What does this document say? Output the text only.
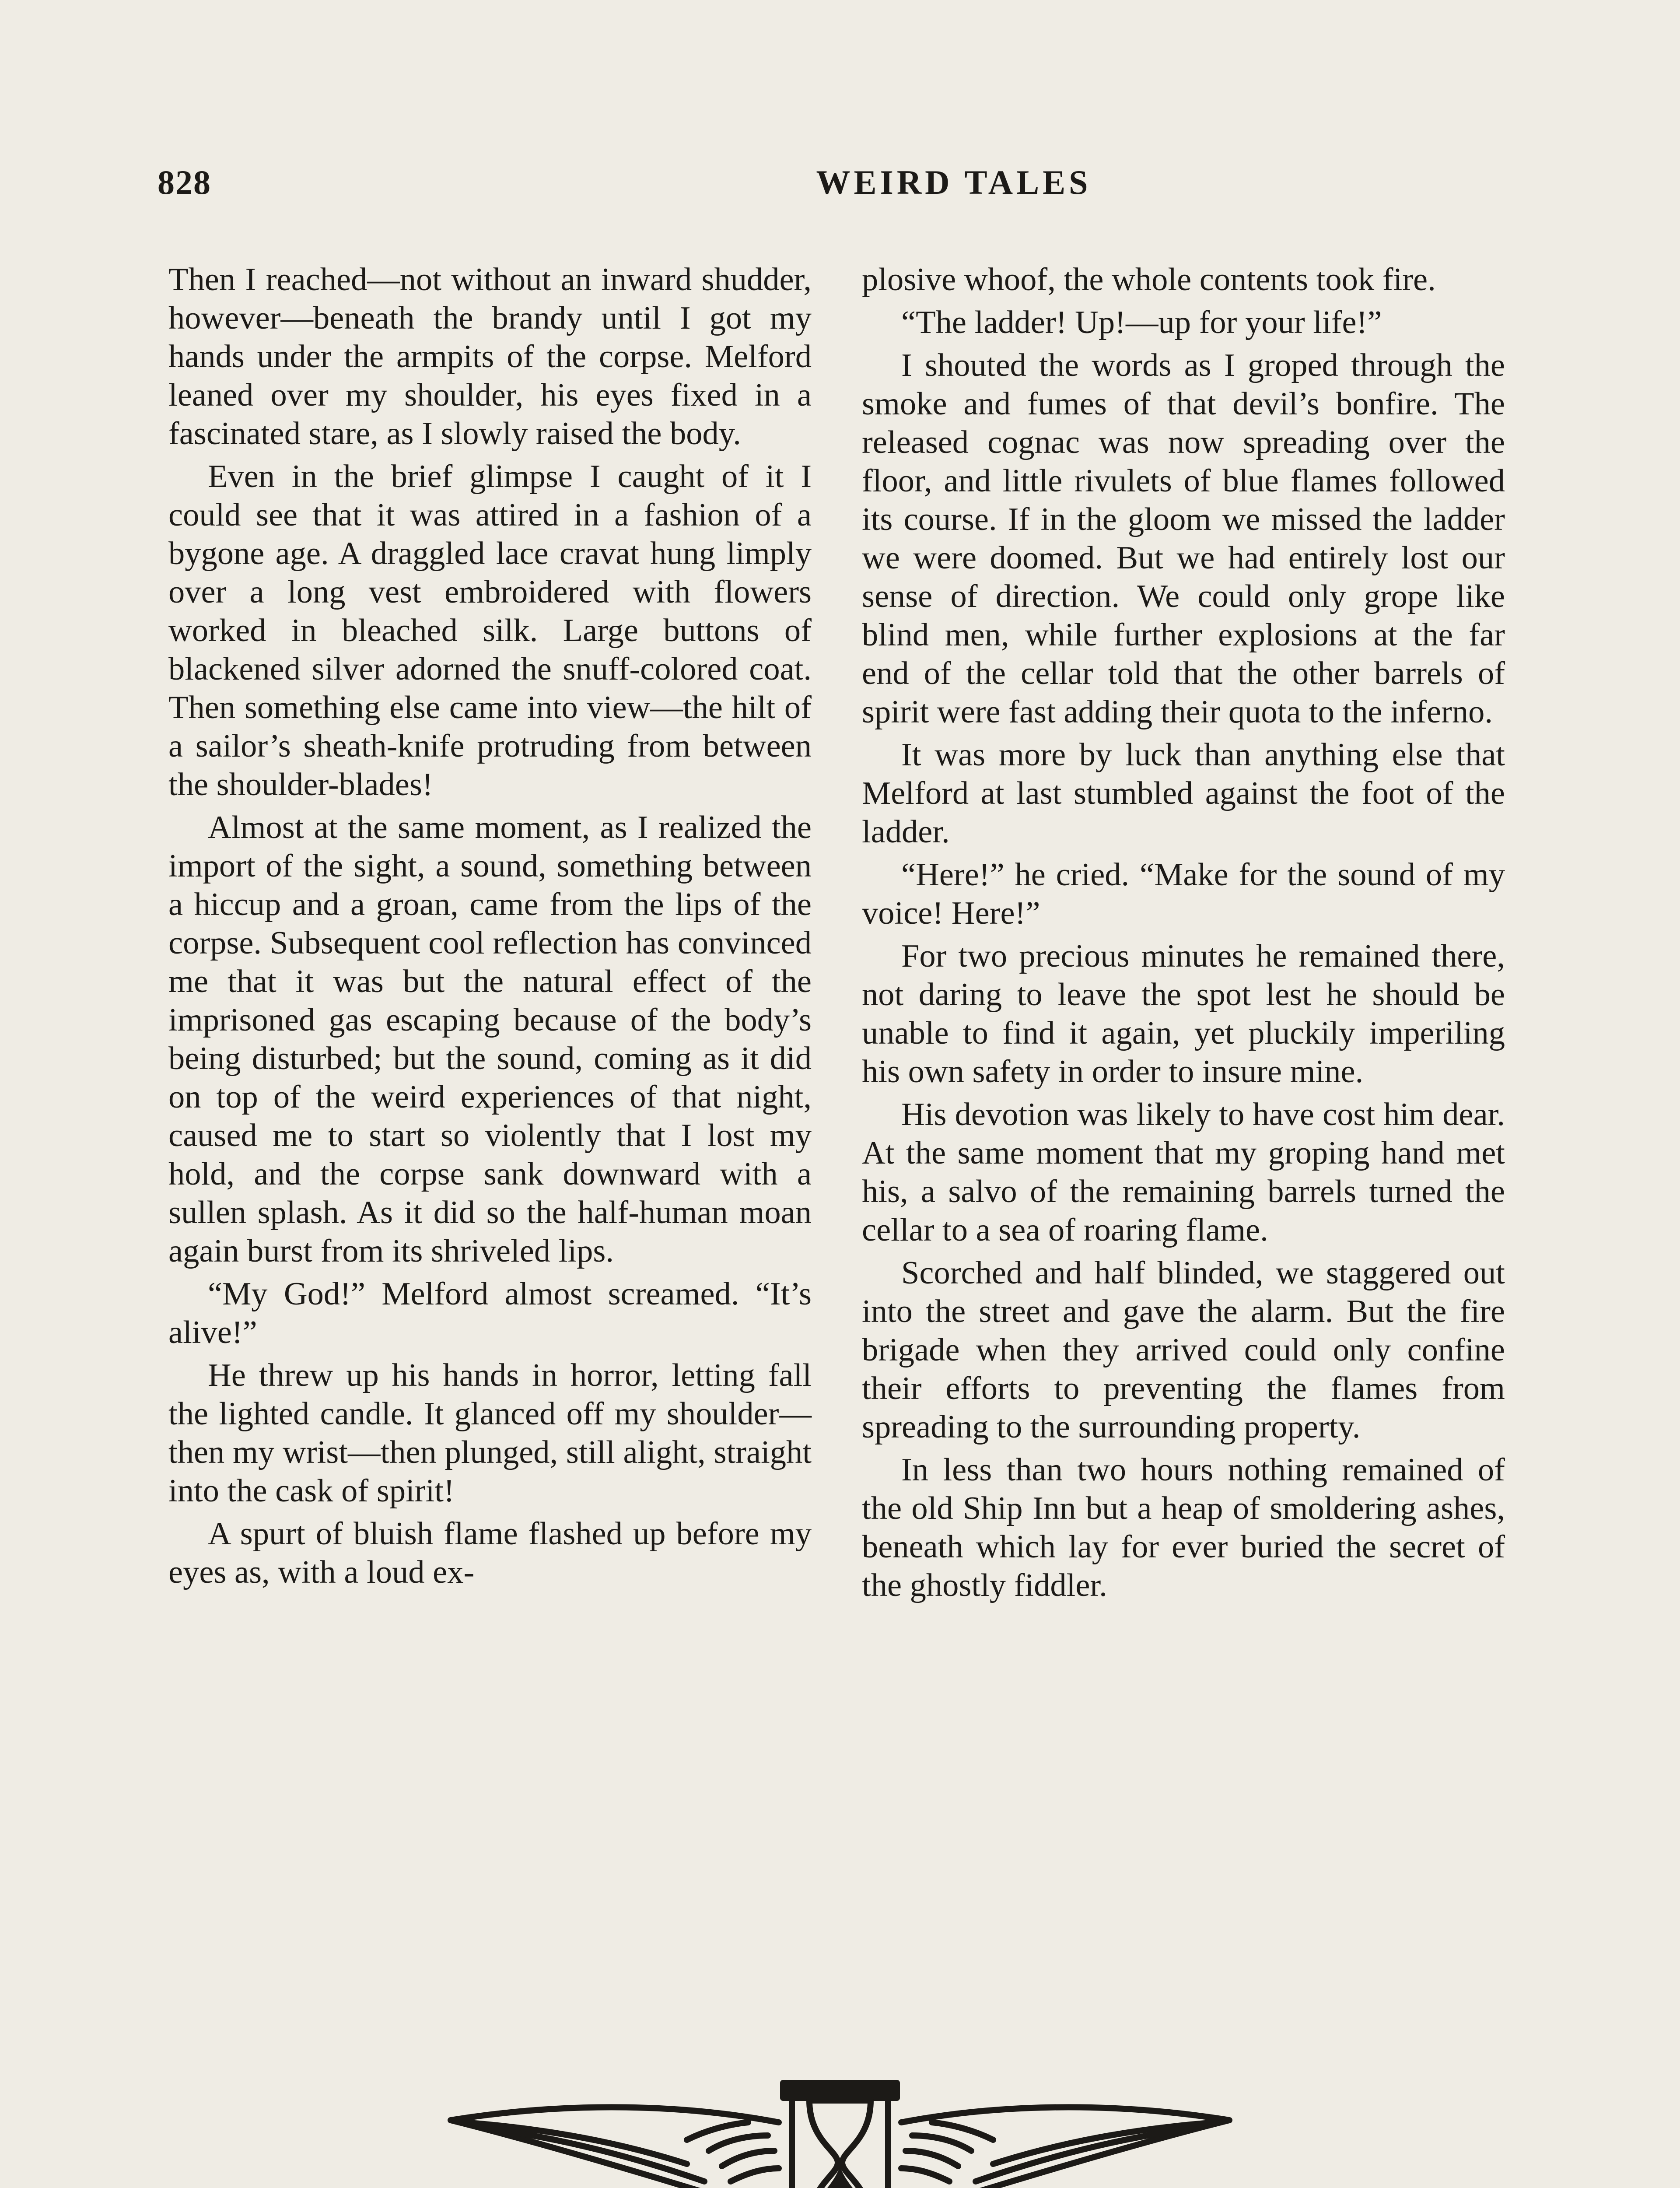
828	WEIRD TALES

Then I reached—not without an inward shudder, however—beneath the brandy until I got my hands under the armpits of the corpse. Melford leaned over my shoulder, his eyes fixed in a fascinated stare, as I slowly raised the body.

Even in the brief glimpse I caught of it I could see that it was attired in a fashion of a bygone age. A draggled lace cravat hung limply over a long vest embroidered with flowers worked in bleached silk. Large buttons of blackened silver adorned the snuff-colored coat. Then something else came into view—the hilt of a sailor’s sheath-knife protruding from between the shoulder-blades!

Almost at the same moment, as I realized the import of the sight, a sound, something between a hiccup and a groan, came from the lips of the corpse. Subsequent cool reflection has convinced me that it was but the natural effect of the imprisoned gas escaping because of the body’s being disturbed; but the sound, coming as it did on top of the weird experiences of that night, caused me to start so violently that I lost my hold, and the corpse sank downward with a sullen splash. As it did so the half-human moan again burst from its shriveled lips.

“My God!” Melford almost screamed. “It’s alive!”

He threw up his hands in horror, letting fall the lighted candle. It glanced off my shoulder—then my wrist—then plunged, still alight, straight into the cask of spirit!

A spurt of bluish flame flashed up before my eyes as, with a loud ex-

plosive whoof, the whole contents took fire.

“The ladder! Up!—up for your life!”

I shouted the words as I groped through the smoke and fumes of that devil’s bonfire. The released cognac was now spreading over the floor, and little rivulets of blue flames followed its course. If in the gloom we missed the ladder we were doomed. But we had entirely lost our sense of direction. We could only grope like blind men, while further explosions at the far end of the cellar told that the other barrels of spirit were fast adding their quota to the inferno.

It was more by luck than anything else that Melford at last stumbled against the foot of the ladder.

“Here!” he cried. “Make for the sound of my voice! Here!”

For two precious minutes he remained there, not daring to leave the spot lest he should be unable to find it again, yet pluckily imperiling his own safety in order to insure mine.

His devotion was likely to have cost him dear. At the same moment that my groping hand met his, a salvo of the remaining barrels turned the cellar to a sea of roaring flame.

Scorched and half blinded, we staggered out into the street and gave the alarm. But the fire brigade when they arrived could only confine their efforts to preventing the flames from spreading to the surrounding property.

In less than two hours nothing remained of the old Ship Inn but a heap of smoldering ashes, beneath which lay for ever buried the secret of the ghostly fiddler.
